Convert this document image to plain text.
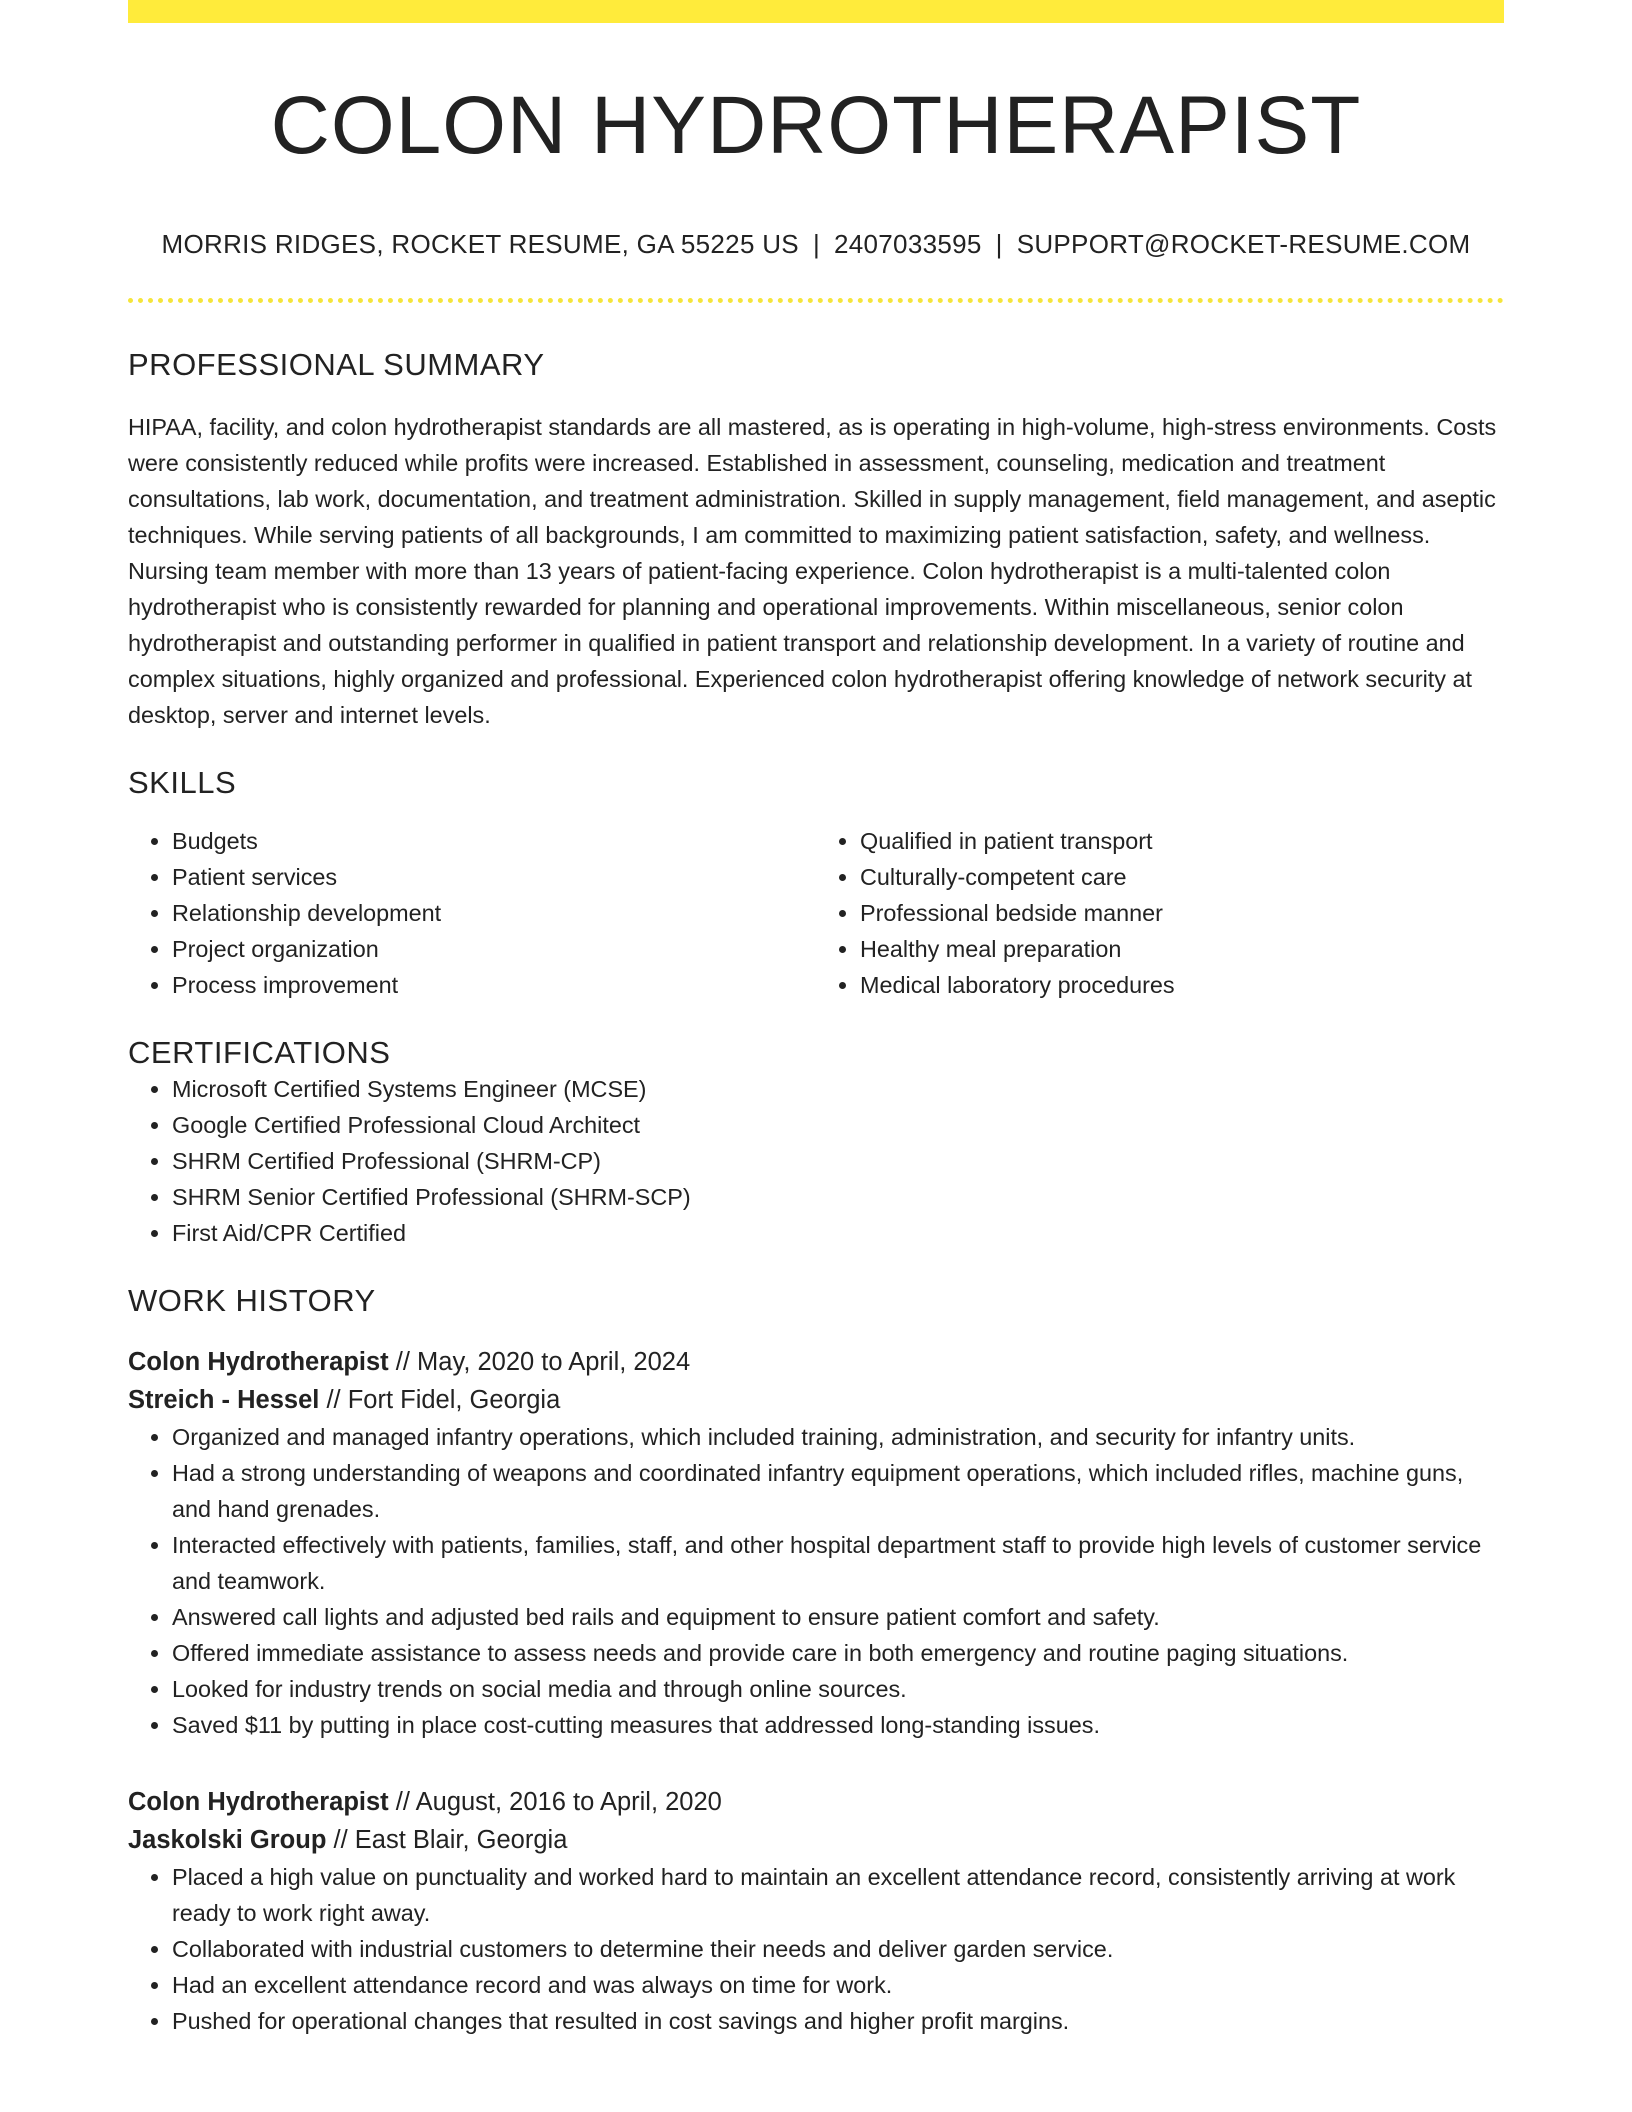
COLON HYDROTHERAPIST
MORRIS RIDGES, ROCKET RESUME, GA 55225 US | 2407033595 | SUPPORT@ROCKET-RESUME.COM
PROFESSIONAL SUMMARY
HIPAA, facility, and colon hydrotherapist standards are all mastered, as is operating in high-volume, high-stress environments. Costs were consistently reduced while profits were increased. Established in assessment, counseling, medication and treatment consultations, lab work, documentation, and treatment administration. Skilled in supply management, field management, and aseptic techniques. While serving patients of all backgrounds, I am committed to maximizing patient satisfaction, safety, and wellness. Nursing team member with more than 13 years of patient-facing experience. Colon hydrotherapist is a multi-talented colon hydrotherapist who is consistently rewarded for planning and operational improvements. Within miscellaneous, senior colon hydrotherapist and outstanding performer in qualified in patient transport and relationship development. In a variety of routine and complex situations, highly organized and professional. Experienced colon hydrotherapist offering knowledge of network security at desktop, server and internet levels.
SKILLS
• Budgets
• Patient services
• Relationship development
• Project organization
• Process improvement
• Qualified in patient transport
• Culturally-competent care
• Professional bedside manner
• Healthy meal preparation
• Medical laboratory procedures
CERTIFICATIONS
• Microsoft Certified Systems Engineer (MCSE)
• Google Certified Professional Cloud Architect
• SHRM Certified Professional (SHRM-CP)
• SHRM Senior Certified Professional (SHRM-SCP)
• First Aid/CPR Certified
WORK HISTORY
Colon Hydrotherapist // May, 2020 to April, 2024
Streich - Hessel // Fort Fidel, Georgia
• Organized and managed infantry operations, which included training, administration, and security for infantry units.
• Had a strong understanding of weapons and coordinated infantry equipment operations, which included rifles, machine guns, and hand grenades.
• Interacted effectively with patients, families, staff, and other hospital department staff to provide high levels of customer service and teamwork.
• Answered call lights and adjusted bed rails and equipment to ensure patient comfort and safety.
• Offered immediate assistance to assess needs and provide care in both emergency and routine paging situations.
• Looked for industry trends on social media and through online sources.
• Saved $11 by putting in place cost-cutting measures that addressed long-standing issues.
Colon Hydrotherapist // August, 2016 to April, 2020
Jaskolski Group // East Blair, Georgia
• Placed a high value on punctuality and worked hard to maintain an excellent attendance record, consistently arriving at work ready to work right away.
• Collaborated with industrial customers to determine their needs and deliver garden service.
• Had an excellent attendance record and was always on time for work.
• Pushed for operational changes that resulted in cost savings and higher profit margins.
